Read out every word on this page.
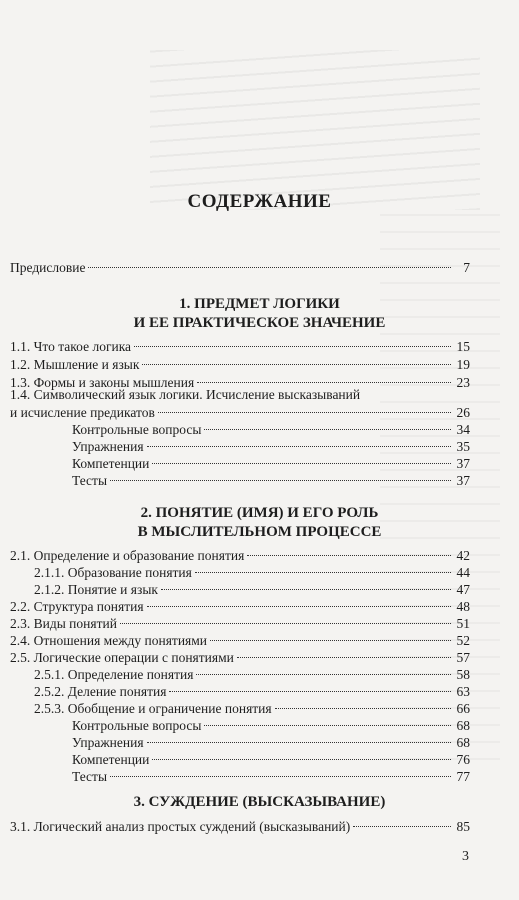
СОДЕРЖАНИЕ
Предисловие	7
1. ПРЕДМЕТ ЛОГИКИ
И ЕЕ ПРАКТИЧЕСКОЕ ЗНАЧЕНИЕ
1.1. Что такое логика	15
1.2. Мышление и язык	19
1.3. Формы и законы мышления	23
1.4. Символический язык логики. Исчисление высказываний
и исчисление предикатов	26
Контрольные вопросы	34
Упражнения	35
Компетенции	37
Тесты	37
2. ПОНЯТИЕ (ИМЯ) И ЕГО РОЛЬ
В МЫСЛИТЕЛЬНОМ ПРОЦЕССЕ
2.1. Определение и образование понятия	42
2.1.1. Образование понятия	44
2.1.2. Понятие и язык	47
2.2. Структура понятия	48
2.3. Виды понятий	51
2.4. Отношения между понятиями	52
2.5. Логические операции с понятиями	57
2.5.1. Определение понятия	58
2.5.2. Деление понятия	63
2.5.3. Обобщение и ограничение понятия	66
Контрольные вопросы	68
Упражнения	68
Компетенции	76
Тесты	77
3. СУЖДЕНИЕ (ВЫСКАЗЫВАНИЕ)
3.1. Логический анализ простых суждений (высказываний)	85
3
